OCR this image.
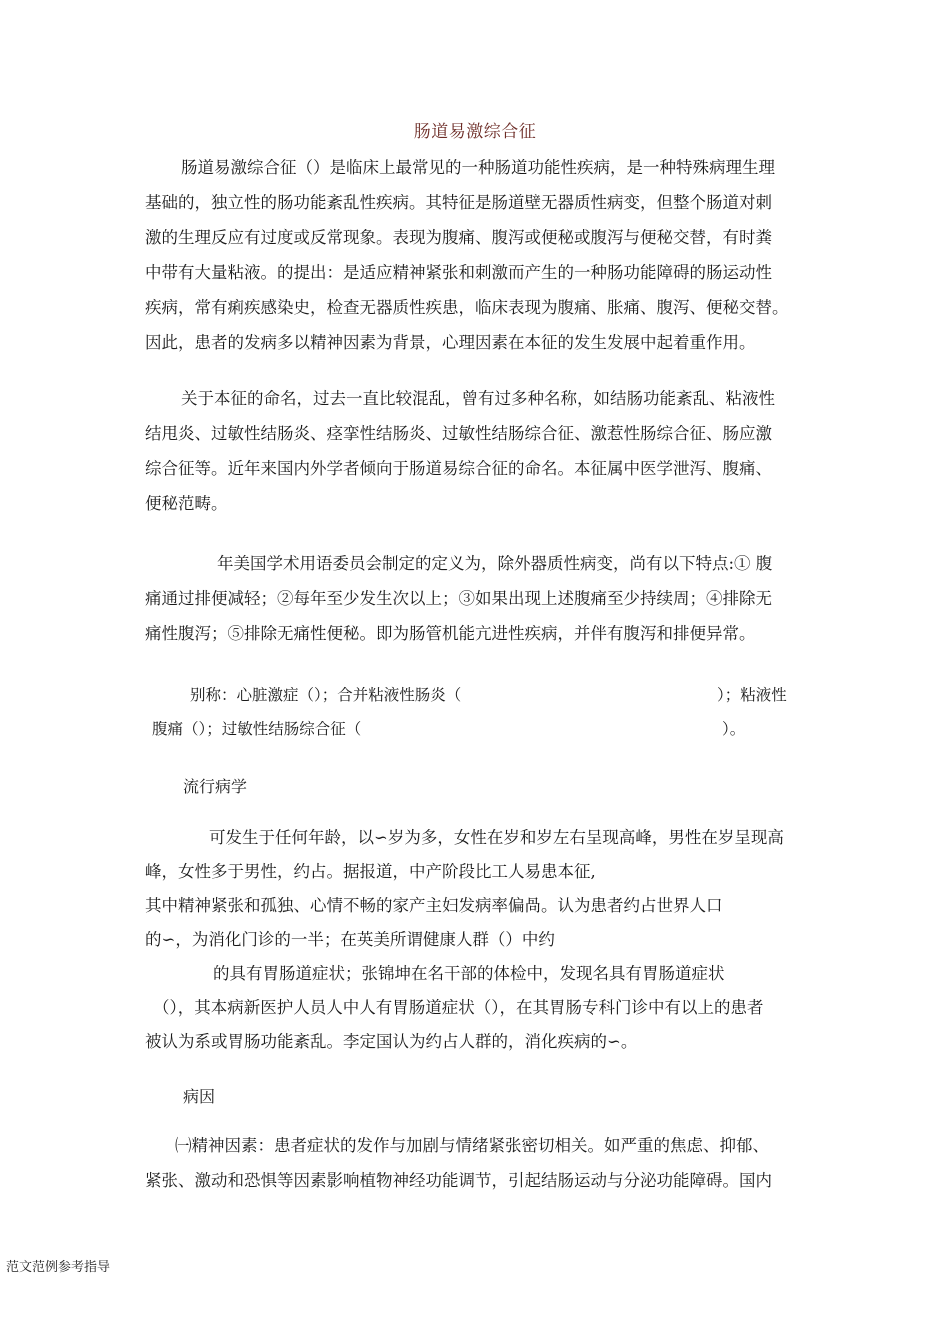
肠道易激综合征
肠道易激综合征（）是临床上最常见的一种肠道功能性疾病，是一种特殊病理生理
基础的，独立性的肠功能紊乱性疾病。其特征是肠道壁无器质性病变，但整个肠道对刺
激的生理反应有过度或反常现象。表现为腹痛、腹泻或便秘或腹泻与便秘交替，有时粪
中带有大量粘液。的提出：是适应精神紧张和刺激而产生的一种肠功能障碍的肠运动性
疾病，常有痢疾感染史，检查无器质性疾患，临床表现为腹痛、胀痛、腹泻、便秘交替。
因此，患者的发病多以精神因素为背景，心理因素在本征的发生发展中起着重作用。
关于本征的命名，过去一直比较混乱，曾有过多种名称，如结肠功能紊乱、粘液性
结甩炎、过敏性结肠炎、痉挛性结肠炎、过敏性结肠综合征、激惹性肠综合征、肠应激
综合征等。近年来国内外学者倾向于肠道易综合征的命名。本征属中医学泄泻、腹痛、
便秘范畴。
年美国学术用语委员会制定的定义为，除外器质性病变，尚有以下特点:① 腹
痛通过排便减轻；②每年至少发生次以上；③如果出现上述腹痛至少持续周；④排除无
痛性腹泻；⑤排除无痛性便秘。即为肠管机能亢进性疾病，并伴有腹泻和排便异常。
别称：心脏激症（）；合并粘液性肠炎（	）；粘液性
腹痛（）；过敏性结肠综合征（	）。
流行病学
可发生于任何年龄，以∽岁为多，女性在岁和岁左右呈现高峰，男性在岁呈现高
峰，女性多于男性，约占。据报道，中产阶段比工人易患本征,
其中精神紧张和孤独、心情不畅的家产主妇发病率偏咼。认为患者约占世界人口
的∽，为消化门诊的一半；在英美所谓健康人群（）中约
的具有胃肠道症状；张锦坤在名干部的体检中，发现名具有胃肠道症状
（），其本病新医护人员人中人有胃肠道症状（），在其胃肠专科门诊中有以上的患者
被认为系或胃肠功能紊乱。李定国认为约占人群的，消化疾病的∽。
病因
㈠精神因素：患者症状的发作与加剧与情绪紧张密切相关。如严重的焦虑、抑郁、
紧张、激动和恐惧等因素影响植物神经功能调节，引起结肠运动与分泌功能障碍。国内
范文范例参考指导
